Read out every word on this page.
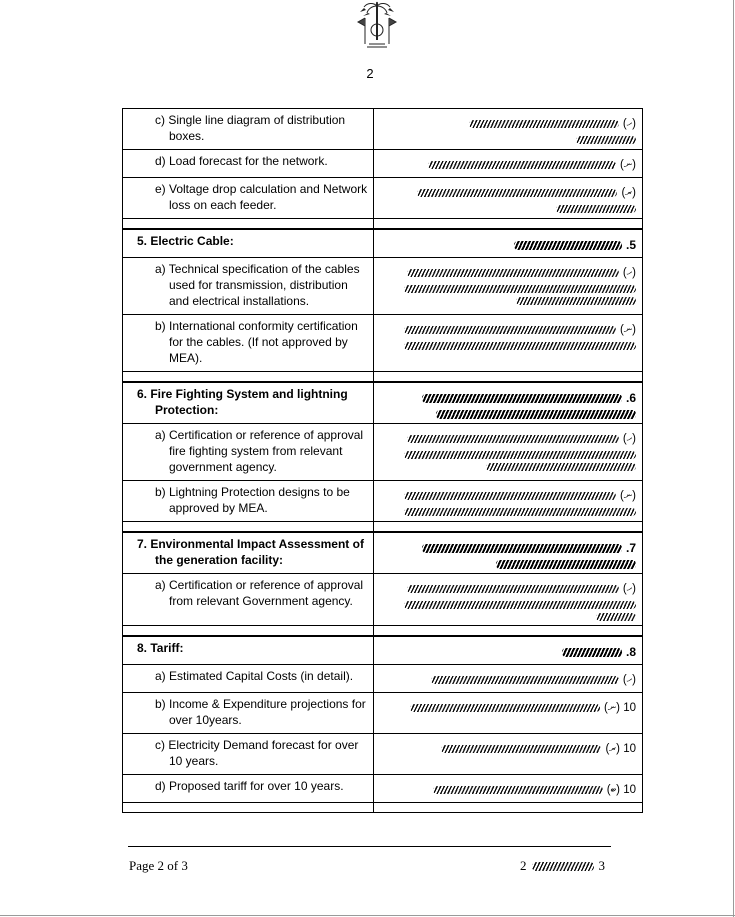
2
c) Single line diagram of distribution boxes.	(ހ)

d) Load forecast for the network.	(ނ)

e) Voltage drop calculation and Network loss on each feeder.	(ރ)

5. Electric Cable:	.5

a) Technical specification of the cables used for transmission, distribution and electrical installations.	(ހ)

b) International conformity certification for the cables. (If not approved by MEA).	(ނ)

6. Fire Fighting System and lightning Protection:	.6

a) Certification or reference of approval fire fighting system from relevant government agency.	(ހ)

b) Lightning Protection designs to be approved by MEA.	(ނ)

7. Environmental Impact Assessment of the generation facility:	.7

a) Certification or reference of approval from relevant Government agency.	(ހ)

8. Tariff:	.8

a) Estimated Capital Costs (in detail).	(ހ)

b) Income & Expenditure projections for over 10years.	(ނ) 10

c) Electricity Demand forecast for over 10 years.	(ރ) 10

d) Proposed tariff for over 10 years.	(ބ) 10

Page 2 of 3	2	3
